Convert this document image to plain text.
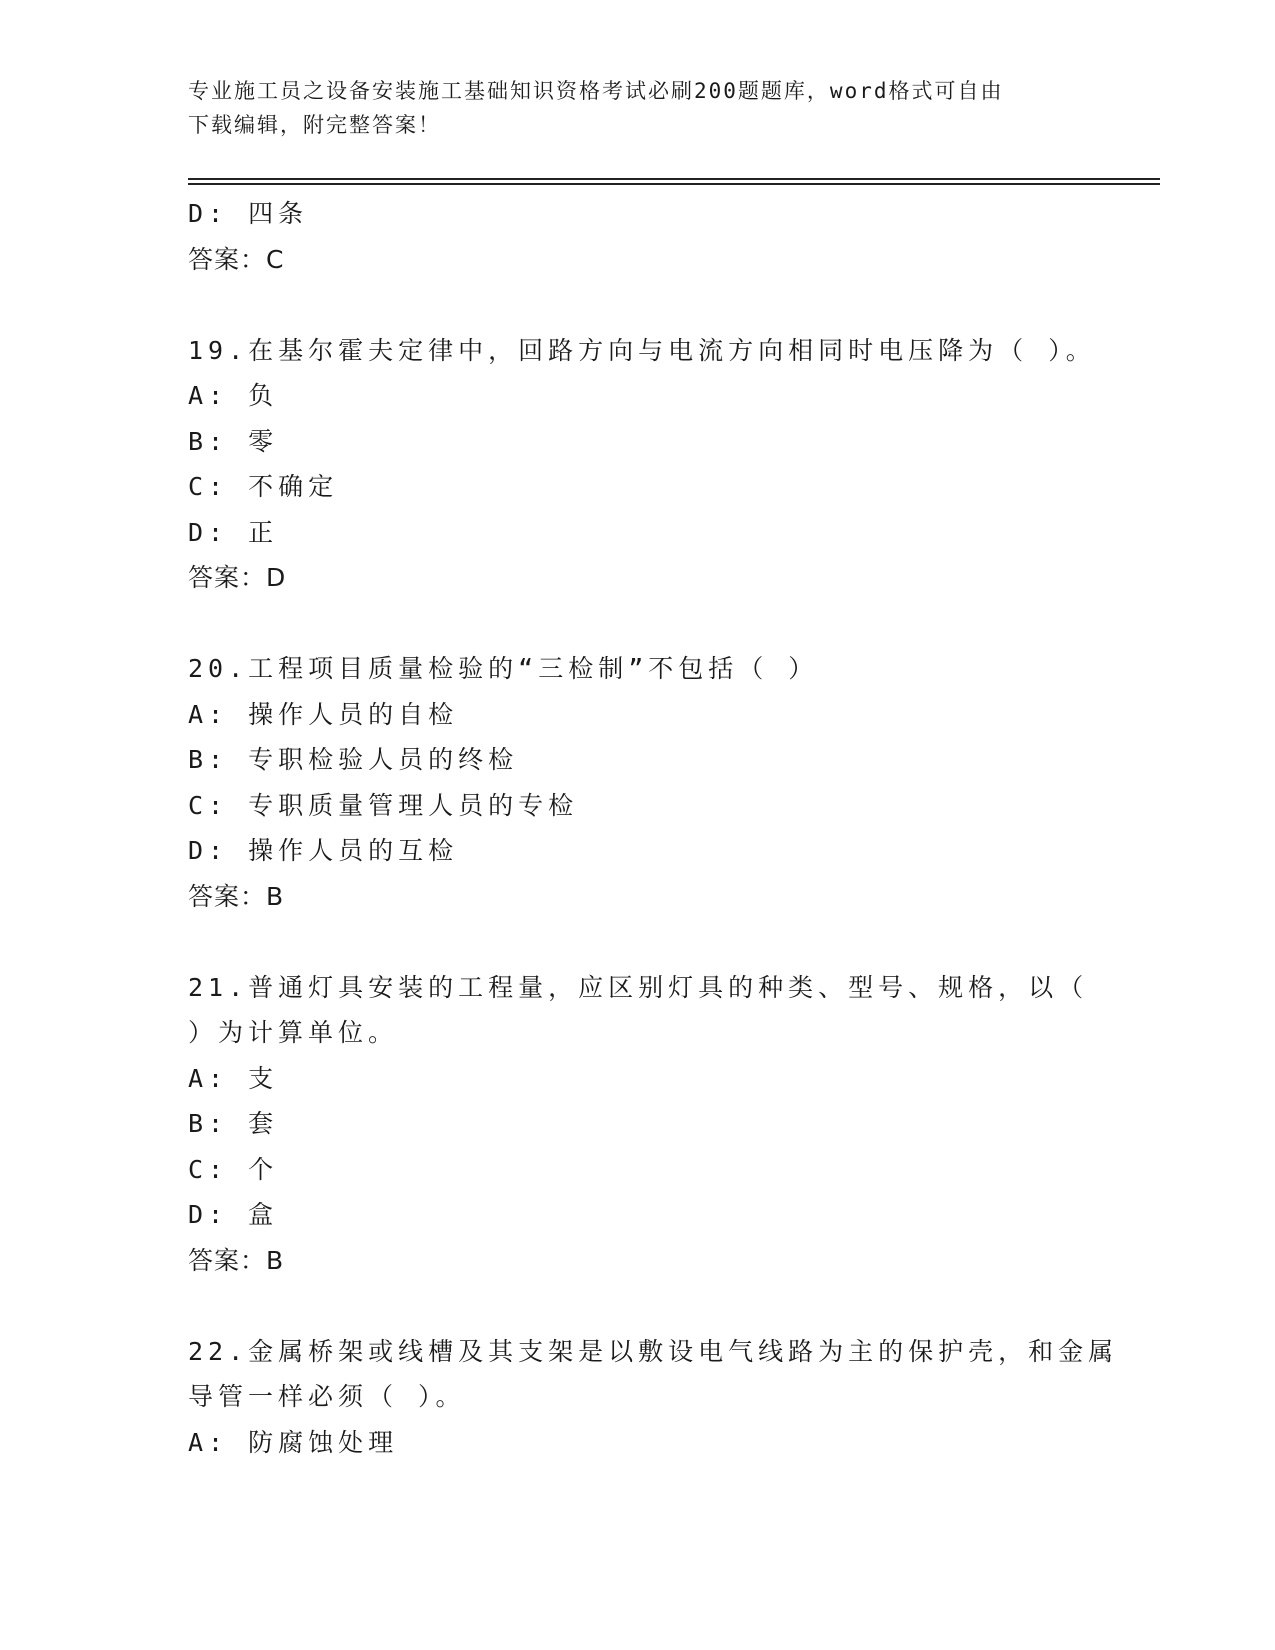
专业施工员之设备安装施工基础知识资格考试必刷200题题库，word格式可自由
下载编辑，附完整答案！
D: 四条
答案：C
19.在基尔霍夫定律中，回路方向与电流方向相同时电压降为（ ）。
A: 负
B: 零
C: 不确定
D: 正
答案：D
20.工程项目质量检验的“三检制”不包括（ ）
A: 操作人员的自检
B: 专职检验人员的终检
C: 专职质量管理人员的专检
D: 操作人员的互检
答案：B
21.普通灯具安装的工程量，应区别灯具的种类、型号、规格，以（
）为计算单位。
A: 支
B: 套
C: 个
D: 盒
答案：B
22.金属桥架或线槽及其支架是以敷设电气线路为主的保护壳，和金属
导管一样必须（ ）。
A: 防腐蚀处理
